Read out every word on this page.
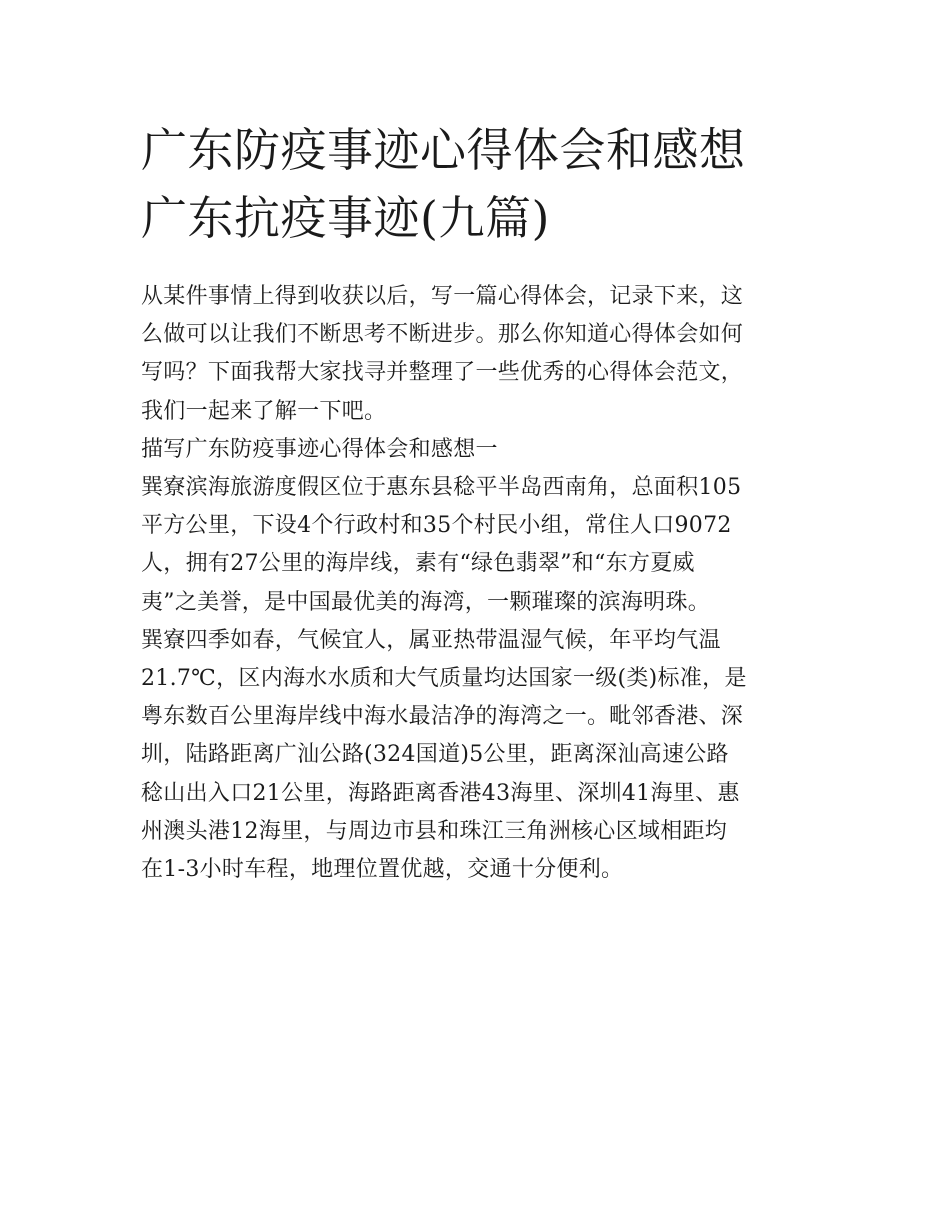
广东防疫事迹心得体会和感想
广东抗疫事迹(九篇)
从某件事情上得到收获以后，写一篇心得体会，记录下来，这
么做可以让我们不断思考不断进步。那么你知道心得体会如何
写吗？下面我帮大家找寻并整理了一些优秀的心得体会范文，
我们一起来了解一下吧。
描写广东防疫事迹心得体会和感想一
巽寮滨海旅游度假区位于惠东县稔平半岛西南角，总面积105
平方公里，下设4个行政村和35个村民小组，常住人口9072
人，拥有27公里的海岸线，素有“绿色翡翠”和“东方夏威
夷”之美誉，是中国最优美的海湾，一颗璀璨的滨海明珠。
巽寮四季如春，气候宜人，属亚热带温湿气候，年平均气温
21.7℃，区内海水水质和大气质量均达国家一级(类)标准，是
粤东数百公里海岸线中海水最洁净的海湾之一。毗邻香港、深
圳，陆路距离广汕公路(324国道)5公里，距离深汕高速公路
稔山出入口21公里，海路距离香港43海里、深圳41海里、惠
州澳头港12海里，与周边市县和珠江三角洲核心区域相距均
在1-3小时车程，地理位置优越，交通十分便利。
